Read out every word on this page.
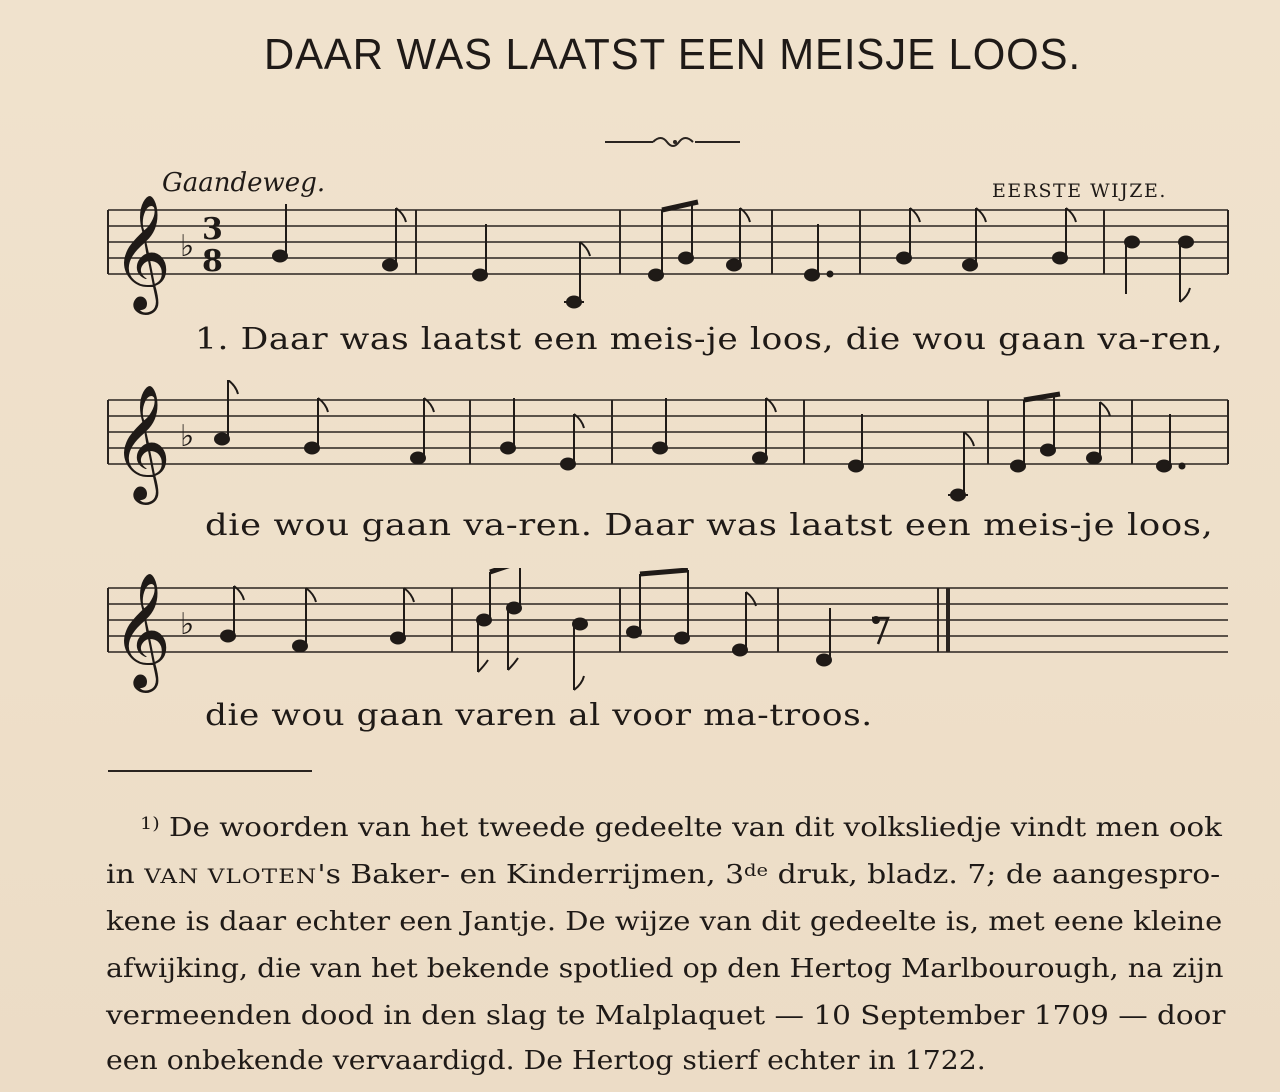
DAAR WAS LAATST EEN MEISJE LOOS.
Gaandeweg.	EERSTE WIJZE.
𝄞 ♭ 3
8
1. Daar was laatst een meis-je loos, die wou gaan va-ren,
𝄞 ♭
die wou gaan va-ren. Daar was laatst een meis-je loos,
𝄞 ♭
die wou gaan varen al voor ma-troos.
$^{1)}$ De woorden van het tweede gedeelte van dit volksliedje vindt men ook
in VAN VLOTEN's Baker- en Kinderrijmen, 3de druk, bladz. 7; de aangespro-
kene is daar echter een Jantje. De wijze van dit gedeelte is, met eene kleine
afwijking, die van het bekende spotlied op den Hertog Marlbourough, na zijn
vermeenden dood in den slag te Malplaquet — 10 September 1709 — door
een onbekende vervaardigd. De Hertog stierf echter in 1722.
